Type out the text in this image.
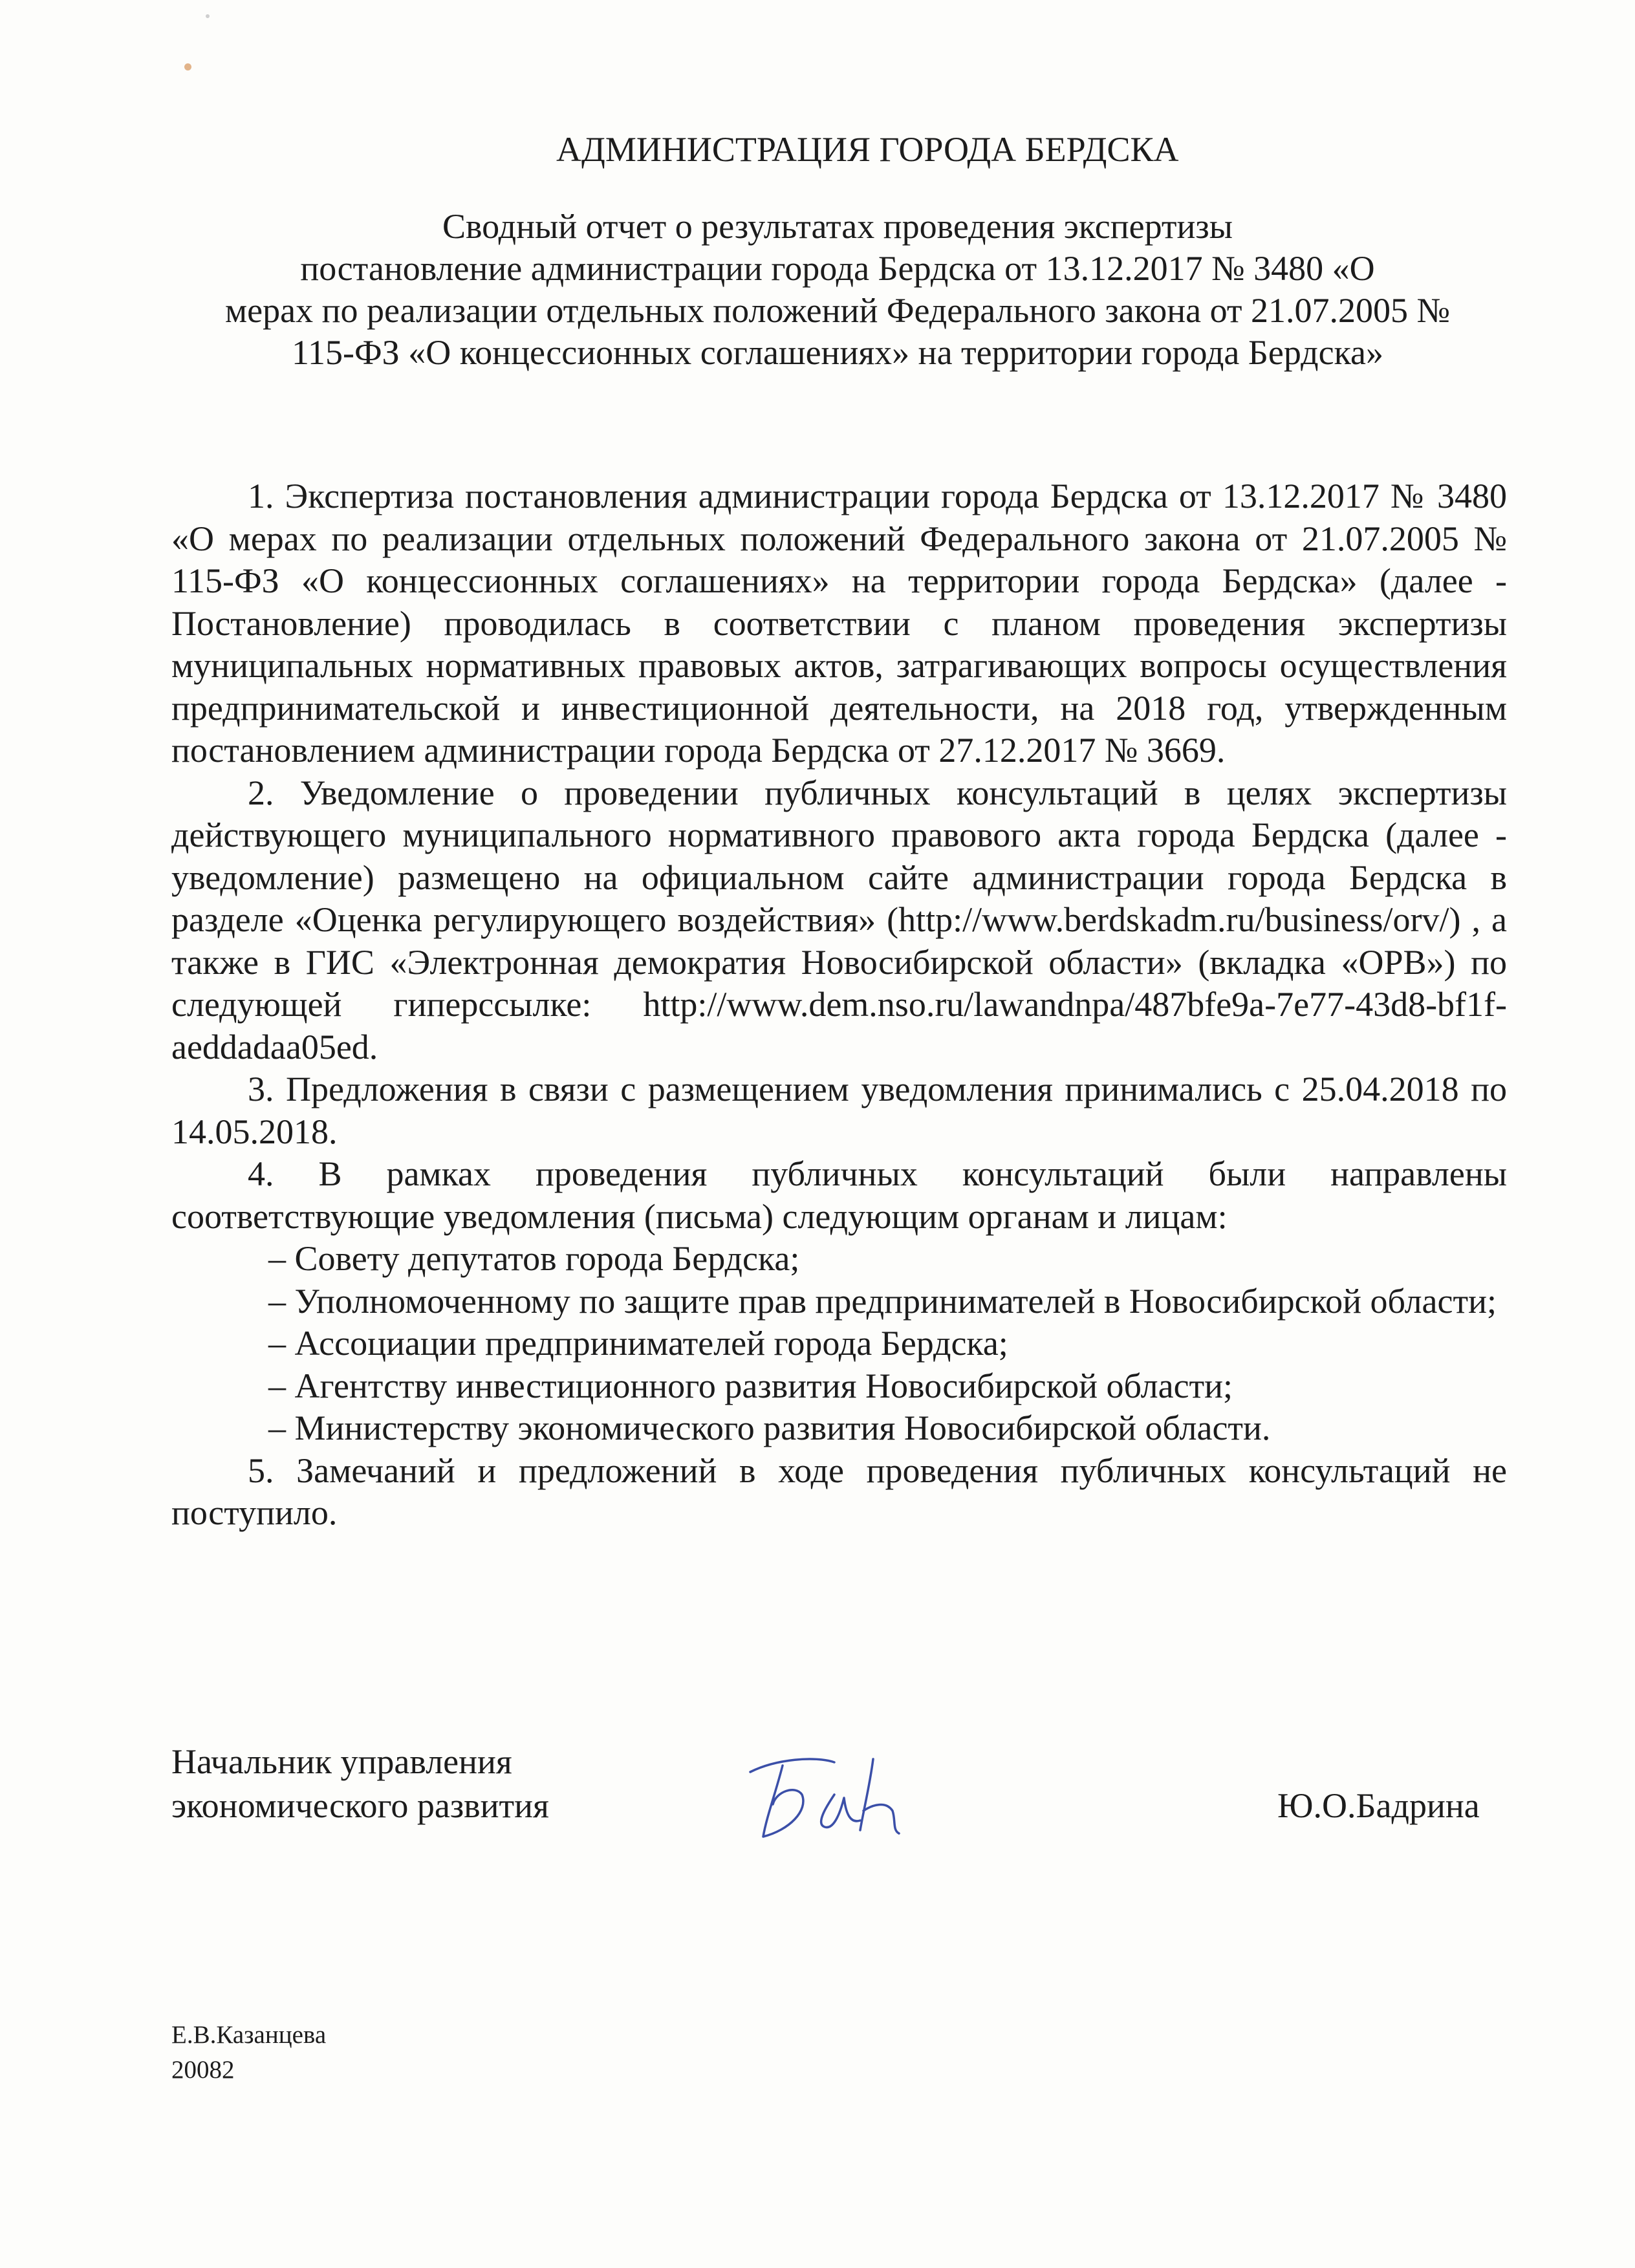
АДМИНИСТРАЦИЯ ГОРОДА БЕРДСКА
Сводный отчет о результатах проведения экспертизы
постановление администрации города Бердска от 13.12.2017 № 3480 «О
мерах по реализации отдельных положений Федерального закона от 21.07.2005 №
115-ФЗ «О концессионных соглашениях» на территории города Бердска»

1. Экспертиза постановления администрации города Бердска от 13.12.2017 № 3480 «О мерах по реализации отдельных положений Федерального закона от 21.07.2005 № 115-ФЗ «О концессионных соглашениях» на территории города Бердска» (далее - Постановление) проводилась в соответствии с планом проведения экспертизы муниципальных нормативных правовых актов, затрагивающих вопросы осуществления предпринимательской и инвестиционной деятельности, на 2018 год, утвержденным постановлением администрации города Бердска от 27.12.2017 № 3669.

2. Уведомление о проведении публичных консультаций в целях экспертизы действующего муниципального нормативного правового акта города Бердска (далее - уведомление) размещено на официальном сайте администрации города Бердска в разделе «Оценка регулирующего воздействия» (http://www.berdskadm.ru/business/orv/) , а также в ГИС «Электронная демократия Новосибирской области» (вкладка «ОРВ») по следующей гиперссылке: http://www.dem.nso.ru/lawandnpa/487bfe9a-7e77-43d8-bf1f-aeddadaa05ed.

3. Предложения в связи с размещением уведомления принимались с 25.04.2018 по 14.05.2018.

4. В рамках проведения публичных консультаций были направлены соответствующие уведомления (письма) следующим органам и лицам:

– Совету депутатов города Бердска;

– Уполномоченному по защите прав предпринимателей в Новосибирской области;

– Ассоциации предпринимателей города Бердска;

– Агентству инвестиционного развития Новосибирской области;

– Министерству экономического развития Новосибирской области.

5. Замечаний и предложений в ходе проведения публичных консультаций не поступило.

Начальник управления
экономического развития	Ю.О.Бадрина
Е.В.Казанцева
20082
